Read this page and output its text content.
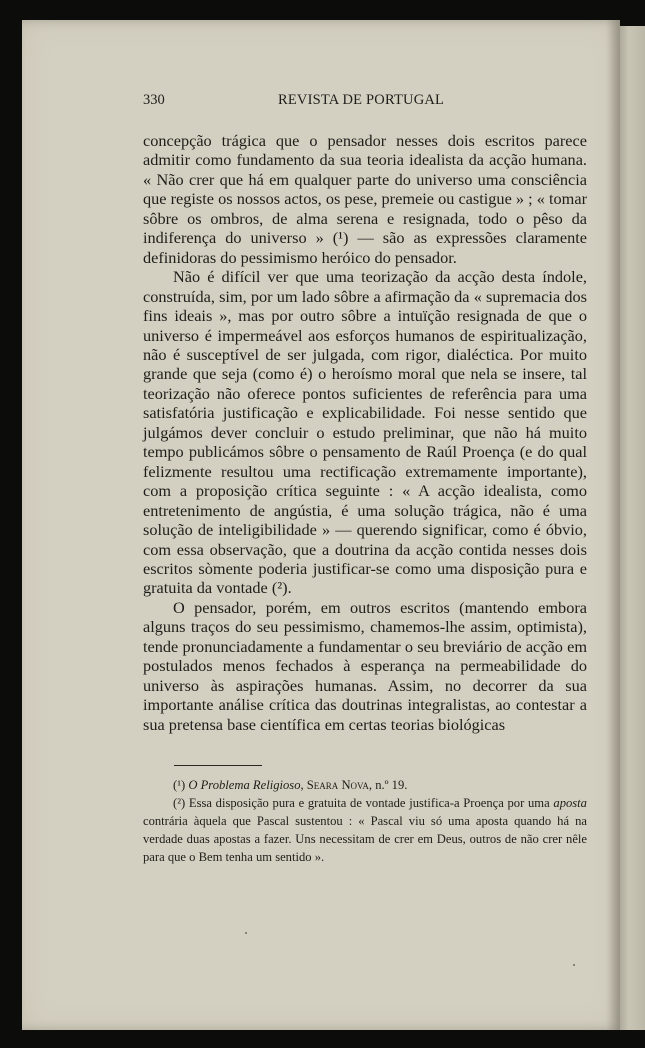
330	REVISTA DE PORTUGAL

concepção trágica que o pensador nesses dois escritos parece admitir como fundamento da sua teoria idealista da acção humana. « Não crer que há em qualquer parte do universo uma consciência que registe os nossos actos, os pese, premeie ou castigue » ; « tomar sôbre os ombros, de alma serena e resignada, todo o pêso da indiferença do universo » (¹) — são as expressões claramente definidoras do pessimismo heróico do pensador.

Não é difícil ver que uma teorização da acção desta índole, construída, sim, por um lado sôbre a afirmação da « supremacia dos fins ideais », mas por outro sôbre a intuïção resignada de que o universo é impermeável aos esforços humanos de espiritualização, não é susceptível de ser julgada, com rigor, dialéctica. Por muito grande que seja (como é) o heroísmo moral que nela se insere, tal teorização não oferece pontos suficientes de referência para uma satisfatória justificação e explicabilidade. Foi nesse sentido que julgámos dever concluir o estudo preliminar, que não há muito tempo publicámos sôbre o pensamento de Raúl Proença (e do qual felizmente resultou uma rectificação extremamente importante), com a proposição crítica seguinte : « A acção idealista, como entretenimento de angústia, é uma solução trágica, não é uma solução de inteligibilidade » — querendo significar, como é óbvio, com essa observação, que a doutrina da acção contida nesses dois escritos sòmente poderia justificar-se como uma disposição pura e gratuita da vontade (²).

O pensador, porém, em outros escritos (mantendo embora alguns traços do seu pessimismo, chamemos-lhe assim, optimista), tende pronunciadamente a fundamentar o seu breviário de acção em postulados menos fechados à esperança na permeabilidade do universo às aspirações humanas. Assim, no decorrer da sua importante análise crítica das doutrinas integralistas, ao contestar a sua pretensa base científica em certas teorias biológicas

(¹) O Problema Religioso, Seara Nova, n.º 19.

(²) Essa disposição pura e gratuita de vontade justifica-a Proença por uma aposta contrária àquela que Pascal sustentou : « Pascal viu só uma aposta quando há na verdade duas apostas a fazer. Uns necessitam de crer em Deus, outros de não crer nêle para que o Bem tenha um sentido ».
